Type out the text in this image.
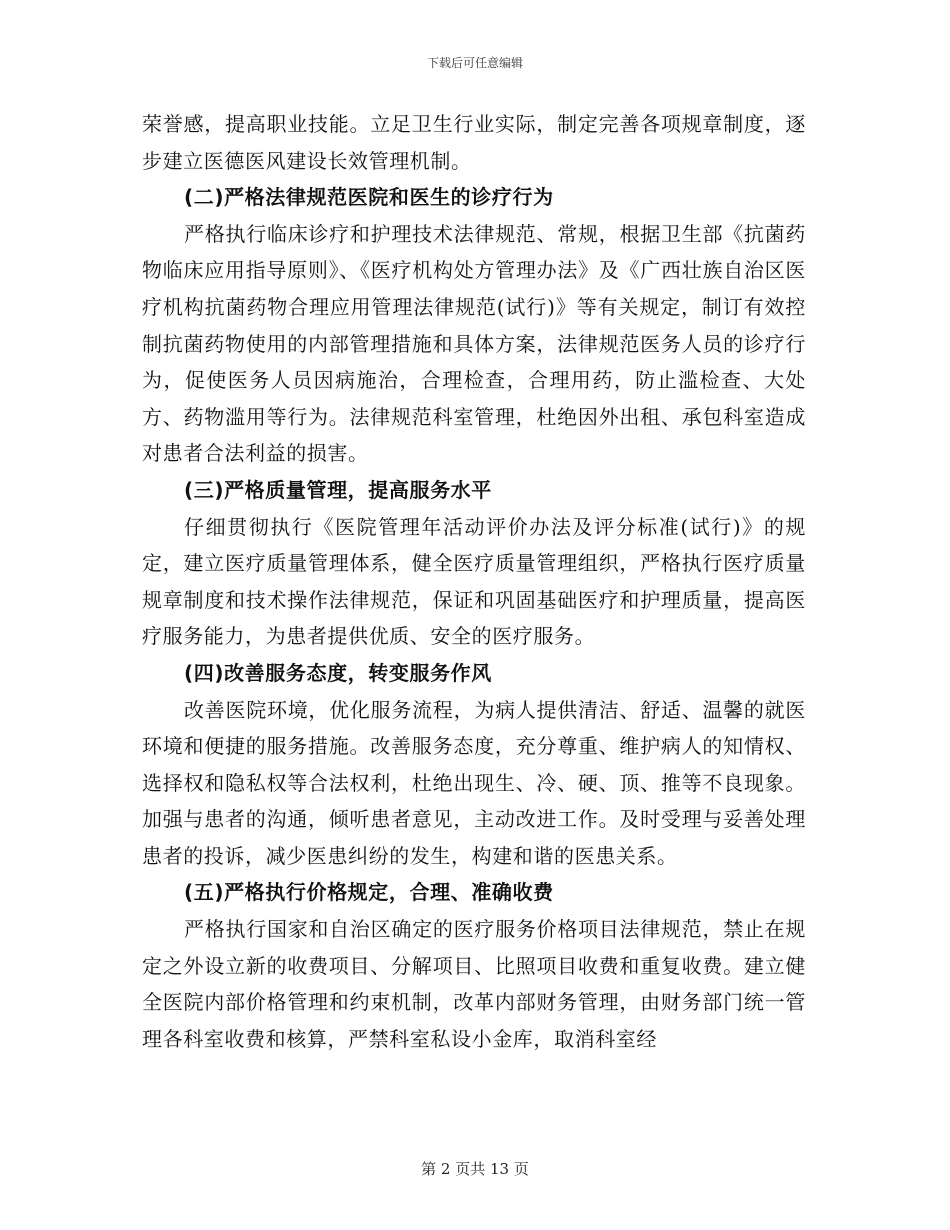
下载后可任意编辑

荣誉感，提高职业技能。立足卫生行业实际，制定完善各项规章制度，逐步建立医德医风建设长效管理机制。

(二)严格法律规范医院和医生的诊疗行为

严格执行临床诊疗和护理技术法律规范、常规，根据卫生部《抗菌药物临床应用指导原则》、《医疗机构处方管理办法》及《广西壮族自治区医疗机构抗菌药物合理应用管理法律规范(试行)》等有关规定，制订有效控制抗菌药物使用的内部管理措施和具体方案，法律规范医务人员的诊疗行为，促使医务人员因病施治，合理检查，合理用药，防止滥检查、大处方、药物滥用等行为。法律规范科室管理，杜绝因外出租、承包科室造成对患者合法利益的损害。

(三)严格质量管理，提高服务水平

仔细贯彻执行《医院管理年活动评价办法及评分标准(试行)》的规定，建立医疗质量管理体系，健全医疗质量管理组织，严格执行医疗质量规章制度和技术操作法律规范，保证和巩固基础医疗和护理质量，提高医疗服务能力，为患者提供优质、安全的医疗服务。

(四)改善服务态度，转变服务作风

改善医院环境，优化服务流程，为病人提供清洁、舒适、温馨的就医环境和便捷的服务措施。改善服务态度，充分尊重、维护病人的知情权、选择权和隐私权等合法权利，杜绝出现生、冷、硬、顶、推等不良现象。加强与患者的沟通，倾听患者意见，主动改进工作。及时受理与妥善处理患者的投诉，减少医患纠纷的发生，构建和谐的医患关系。

(五)严格执行价格规定，合理、准确收费

严格执行国家和自治区确定的医疗服务价格项目法律规范，禁止在规定之外设立新的收费项目、分解项目、比照项目收费和重复收费。建立健全医院内部价格管理和约束机制，改革内部财务管理，由财务部门统一管理各科室收费和核算，严禁科室私设小金库，取消科室经

第 2 页共 13 页
